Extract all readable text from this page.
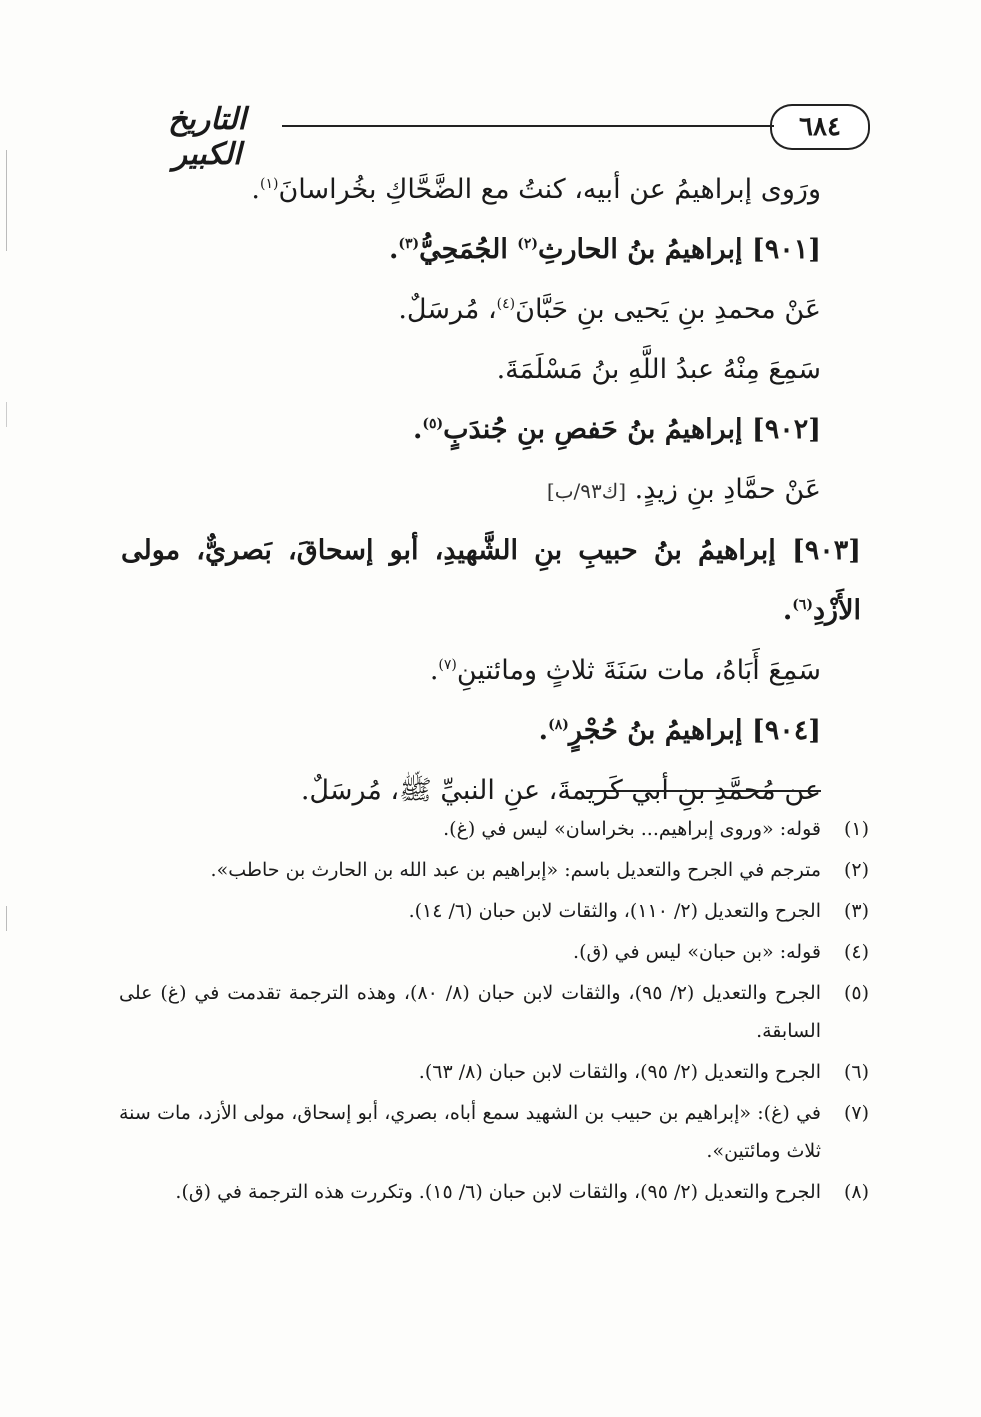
٦٨٤
التاريخ الكبير
ورَوى إبراهيمُ عن أبيه، كنتُ مع الضَّحَّاكِ بخُراسانَ$^{(١)}$.
[٩٠١] إبراهيمُ بنُ الحارثِ$^{(٢)}$ الجُمَحِيُّ$^{(٣)}$.
عَنْ محمدِ بنِ يَحيى بنِ حَبَّانَ$^{(٤)}$، مُرسَلٌ.
سَمِعَ مِنْهُ عبدُ اللَّهِ بنُ مَسْلَمَةَ.
[٩٠٢] إبراهيمُ بنُ حَفصِ بنِ جُندَبٍ$^{(٥)}$.
عَنْ حمَّادِ بنِ زيدٍ. [ك٩٣/ب]
[٩٠٣] إبراهيمُ بنُ حبيبِ بنِ الشَّهيدِ، أبو إسحاقَ، بَصريٌّ، مولى الأَزْدِ$^{(٦)}$.
سَمِعَ أَبَاهُ، مات سَنَةَ ثلاثٍ ومائتينِ$^{(٧)}$.
[٩٠٤] إبراهيمُ بنُ حُجْرٍ$^{(٨)}$.
عن مُحمَّدِ بنِ أبي كَريمةَ، عنِ النبيِّ ﷺ، مُرسَلٌ.
(١)
قوله: «وروى إبراهيم... بخراسان» ليس في (غ).
(٢)
مترجم في الجرح والتعديل باسم: «إبراهيم بن عبد الله بن الحارث بن حاطب».
(٣)
الجرح والتعديل (٢/ ١١٠)، والثقات لابن حبان (٦/ ١٤).
(٤)
قوله: «بن حبان» ليس في (ق).
(٥)
الجرح والتعديل (٢/ ٩٥)، والثقات لابن حبان (٨/ ٨٠)، وهذه الترجمة تقدمت في (غ) على السابقة.
(٦)
الجرح والتعديل (٢/ ٩٥)، والثقات لابن حبان (٨/ ٦٣).
(٧)
في (غ): «إبراهيم بن حبيب بن الشهيد سمع أباه، بصري، أبو إسحاق، مولى الأزد، مات سنة ثلاث ومائتين».
(٨)
الجرح والتعديل (٢/ ٩٥)، والثقات لابن حبان (٦/ ١٥). وتكررت هذه الترجمة في (ق).
